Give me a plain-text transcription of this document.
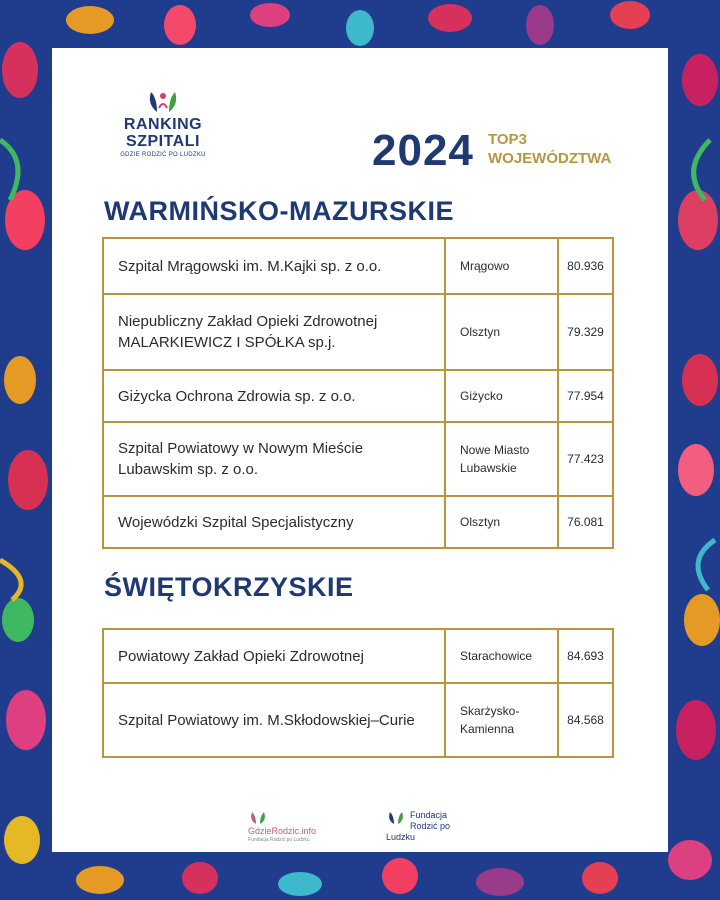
RANKING
SZPITALI
GDZIE RODZIĆ PO LUDZKU	2024 TOP3
WOJEWÓDZTWA
WARMIŃSKO-MAZURSKIE
Szpital Mrągowski im. M.Kajki sp. z o.o.	Mrągowo	80.936
Niepubliczny Zakład Opieki Zdrowotnej MALARKIEWICZ I SPÓŁKA sp.j.	Olsztyn	79.329
Giżycka Ochrona Zdrowia sp. z o.o.	Giżycko	77.954
Szpital Powiatowy w Nowym Mieście Lubawskim sp. z o.o.	Nowe Miasto Lubawskie	77.423
Wojewódzki Szpital Specjalistyczny	Olsztyn	76.081
ŚWIĘTOKRZYSKIE
Powiatowy Zakład Opieki Zdrowotnej	Starachowice	84.693
Szpital Powiatowy im. M.Skłodowskiej–Curie	Skarżysko-Kamienna	84.568
GdzieRodzic.info
Fundacja Rodzić po Ludzku
Fundacja
Rodzić po Ludzku
